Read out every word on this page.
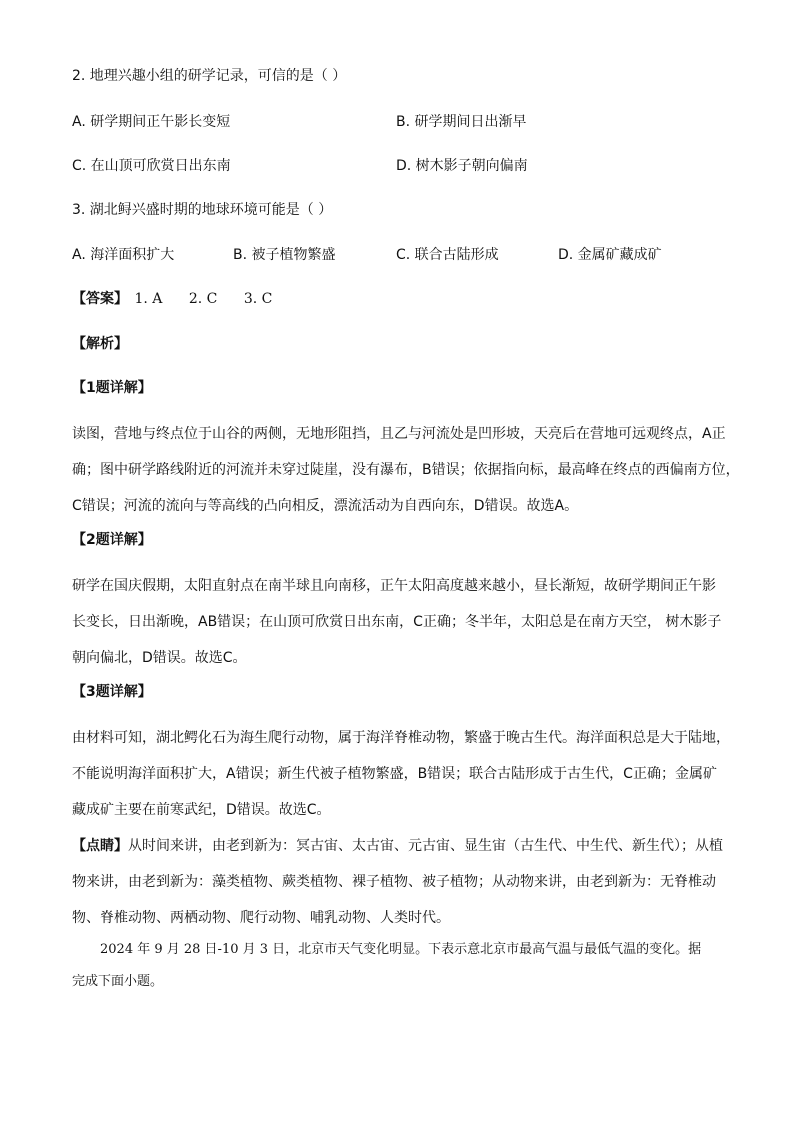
2. 地理兴趣小组的研学记录，可信的是（ ）
A. 研学期间正午影长变短	B. 研学期间日出渐早
C. 在山顶可欣赏日出东南	D. 树木影子朝向偏南
3. 湖北鲟兴盛时期的地球环境可能是（ ）
A. 海洋面积扩大	B. 被子植物繁盛	C. 联合古陆形成	D. 金属矿藏成矿
【答案】 1. A 2. C 3. C
【解析】
【1题详解】
读图，营地与终点位于山谷的两侧，无地形阻挡，且乙与河流处是凹形坡，天亮后在营地可远观终点，A正
确；图中研学路线附近的河流并未穿过陡崖，没有瀑布，B错误；依据指向标，最高峰在终点的西偏南方位，
C错误；河流的流向与等高线的凸向相反，漂流活动为自西向东，D错误。故选A。
【2题详解】
研学在国庆假期，太阳直射点在南半球且向南移，正午太阳高度越来越小，昼长渐短，故研学期间正午影
长变长，日出渐晚，AB错误；在山顶可欣赏日出东南，C正确；冬半年，太阳总是在南方天空， 树木影子
朝向偏北，D错误。故选C。
【3题详解】
由材料可知，湖北鳄化石为海生爬行动物，属于海洋脊椎动物，繁盛于晚古生代。海洋面积总是大于陆地，
不能说明海洋面积扩大，A错误；新生代被子植物繁盛，B错误；联合古陆形成于古生代，C正确；金属矿
藏成矿主要在前寒武纪，D错误。故选C。
【点睛】从时间来讲，由老到新为：冥古宙、太古宙、元古宙、显生宙（古生代、中生代、新生代）；从植
物来讲，由老到新为：藻类植物、蕨类植物、裸子植物、被子植物；从动物来讲，由老到新为：无脊椎动
物、脊椎动物、两栖动物、爬行动物、哺乳动物、人类时代。
2024 年 9 月 28 日-10 月 3 日，北京市天气变化明显。下表示意北京市最高气温与最低气温的变化。据
完成下面小题。
